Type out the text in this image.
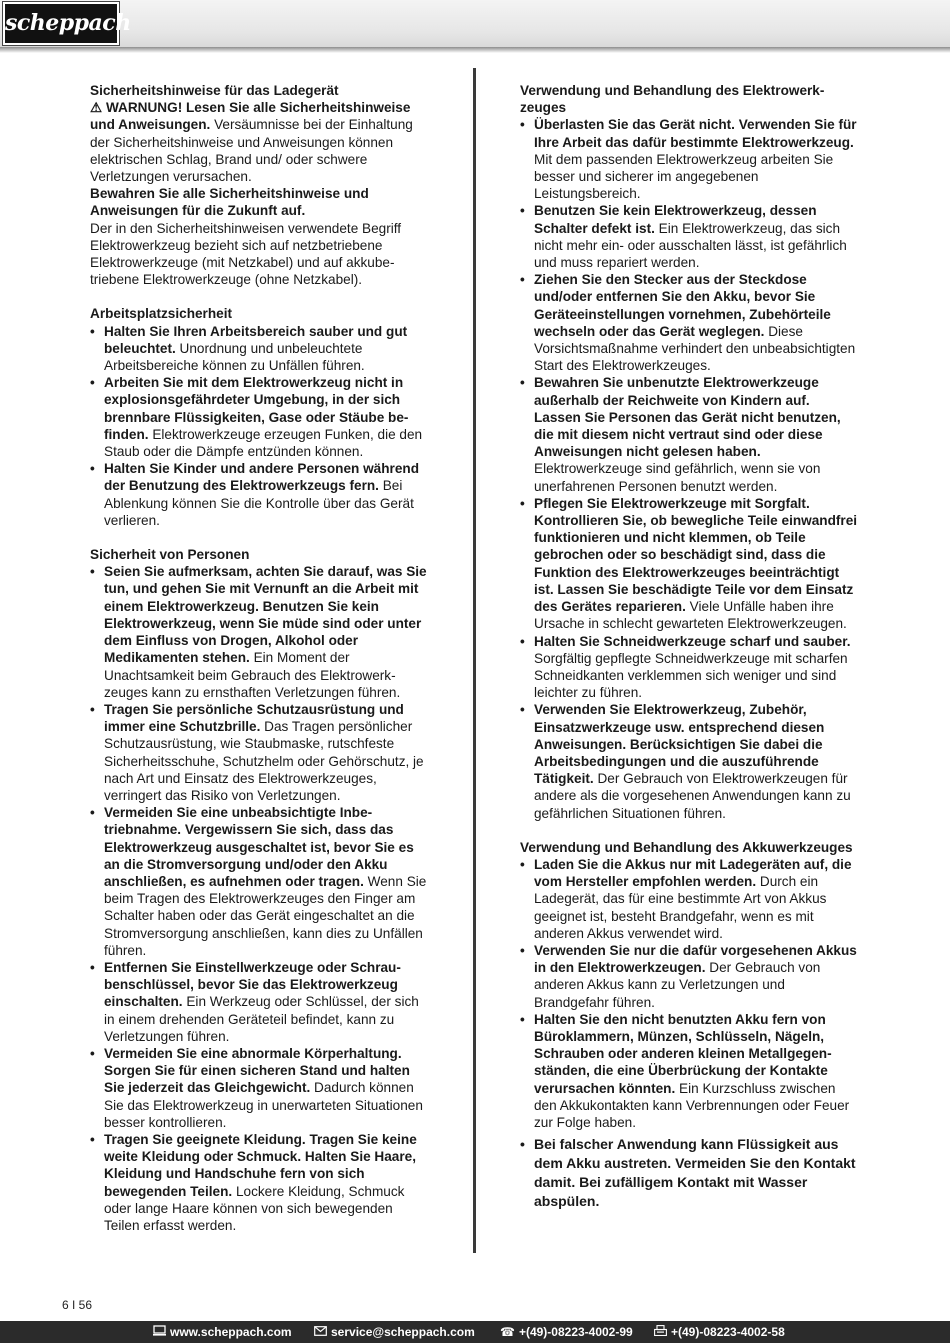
scheppach

Sicherheitshinweise für das Ladegerät

⚠ WARNUNG! Lesen Sie alle Sicherheitshinweise und Anweisungen. Versäumnisse bei der Einhaltung der Sicherheitshinweise und Anweisungen können elektrischen Schlag, Brand und/ oder schwere Verletzungen verursachen.

Bewahren Sie alle Sicherheitshinweise und Anweisungen für die Zukunft auf.

Der in den Sicherheitshinweisen verwendete Begriff Elektrowerkzeug bezieht sich auf netzbetriebene Elektrowerkzeuge (mit Netzkabel) und auf akkubetriebene Elektrowerkzeuge (ohne Netzkabel).

Arbeitsplatzsicherheit

• Halten Sie Ihren Arbeitsbereich sauber und gut beleuchtet. Unordnung und unbeleuchtete Arbeitsbereiche können zu Unfällen führen.
• Arbeiten Sie mit dem Elektrowerkzeug nicht in explosionsgefährdeter Umgebung, in der sich brennbare Flüssigkeiten, Gase oder Stäube befinden. Elektrowerkzeuge erzeugen Funken, die den Staub oder die Dämpfe entzünden können.
• Halten Sie Kinder und andere Personen während der Benutzung des Elektrowerkzeugs fern. Bei Ablenkung können Sie die Kontrolle über das Gerät verlieren.

Sicherheit von Personen

• Seien Sie aufmerksam, achten Sie darauf, was Sie tun, und gehen Sie mit Vernunft an die Arbeit mit einem Elektrowerkzeug. Benutzen Sie kein Elektrowerkzeug, wenn Sie müde sind oder unter dem Einfluss von Drogen, Alkohol oder Medikamenten stehen. Ein Moment der Unachtsamkeit beim Gebrauch des Elektrowerkzeuges kann zu ernsthaften Verletzungen führen.
• Tragen Sie persönliche Schutzausrüstung und immer eine Schutzbrille. Das Tragen persönlicher Schutzausrüstung, wie Staubmaske, rutschfeste Sicherheitsschuhe, Schutzhelm oder Gehörschutz, je nach Art und Einsatz des Elektrowerkzeuges, verringert das Risiko von Verletzungen.
• Vermeiden Sie eine unbeabsichtigte Inbetriebnahme. Vergewissern Sie sich, dass das Elektrowerkzeug ausgeschaltet ist, bevor Sie es an die Stromversorgung und/oder den Akku anschließen, es aufnehmen oder tragen. Wenn Sie beim Tragen des Elektrowerkzeuges den Finger am Schalter haben oder das Gerät eingeschaltet an die Stromversorgung anschließen, kann dies zu Unfällen führen.
• Entfernen Sie Einstellwerkzeuge oder Schraubenschlüssel, bevor Sie das Elektrowerkzeug einschalten. Ein Werkzeug oder Schlüssel, der sich in einem drehenden Geräteteil befindet, kann zu Verletzungen führen.
• Vermeiden Sie eine abnormale Körperhaltung. Sorgen Sie für einen sicheren Stand und halten Sie jederzeit das Gleichgewicht. Dadurch können Sie das Elektrowerkzeug in unerwarteten Situationen besser kontrollieren.
• Tragen Sie geeignete Kleidung. Tragen Sie keine weite Kleidung oder Schmuck. Halten Sie Haare, Kleidung und Handschuhe fern von sich bewegenden Teilen. Lockere Kleidung, Schmuck oder lange Haare können von sich bewegenden Teilen erfasst werden.

Verwendung und Behandlung des Elektrowerkzeuges

• Überlasten Sie das Gerät nicht. Verwenden Sie für Ihre Arbeit das dafür bestimmte Elektrowerkzeug. Mit dem passenden Elektrowerkzeug arbeiten Sie besser und sicherer im angegebenen Leistungsbereich.
• Benutzen Sie kein Elektrowerkzeug, dessen Schalter defekt ist. Ein Elektrowerkzeug, das sich nicht mehr ein- oder ausschalten lässt, ist gefährlich und muss repariert werden.
• Ziehen Sie den Stecker aus der Steckdose und/oder entfernen Sie den Akku, bevor Sie Geräteeinstellungen vornehmen, Zubehörteile wechseln oder das Gerät weglegen. Diese Vorsichtsmaßnahme verhindert den unbeabsichtigten Start des Elektrowerkzeuges.
• Bewahren Sie unbenutzte Elektrowerkzeuge außerhalb der Reichweite von Kindern auf. Lassen Sie Personen das Gerät nicht benutzen, die mit diesem nicht vertraut sind oder diese Anweisungen nicht gelesen haben. Elektrowerkzeuge sind gefährlich, wenn sie von unerfahrenen Personen benutzt werden.
• Pflegen Sie Elektrowerkzeuge mit Sorgfalt. Kontrollieren Sie, ob bewegliche Teile einwandfrei funktionieren und nicht klemmen, ob Teile gebrochen oder so beschädigt sind, dass die Funktion des Elektrowerkzeuges beeinträchtigt ist. Lassen Sie beschädigte Teile vor dem Einsatz des Gerätes reparieren. Viele Unfälle haben ihre Ursache in schlecht gewarteten Elektrowerkzeugen.
• Halten Sie Schneidwerkzeuge scharf und sauber. Sorgfältig gepflegte Schneidwerkzeuge mit scharfen Schneidkanten verklemmen sich weniger und sind leichter zu führen.
• Verwenden Sie Elektrowerkzeug, Zubehör, Einsatzwerkzeuge usw. entsprechend diesen Anweisungen. Berücksichtigen Sie dabei die Arbeitsbedingungen und die auszuführende Tätigkeit. Der Gebrauch von Elektrowerkzeugen für andere als die vorgesehenen Anwendungen kann zu gefährlichen Situationen führen.

Verwendung und Behandlung des Akkuwerkzeuges

• Laden Sie die Akkus nur mit Ladegeräten auf, die vom Hersteller empfohlen werden. Durch ein Ladegerät, das für eine bestimmte Art von Akkus geeignet ist, besteht Brandgefahr, wenn es mit anderen Akkus verwendet wird.
• Verwenden Sie nur die dafür vorgesehenen Akkus in den Elektrowerkzeugen. Der Gebrauch von anderen Akkus kann zu Verletzungen und Brandgefahr führen.
• Halten Sie den nicht benutzten Akku fern von Büroklammern, Münzen, Schlüsseln, Nägeln, Schrauben oder anderen kleinen Metallgegenständen, die eine Überbrückung der Kontakte verursachen könnten. Ein Kurzschluss zwischen den Akkukontakten kann Verbrennungen oder Feuer zur Folge haben.
• Bei falscher Anwendung kann Flüssigkeit aus dem Akku austreten. Vermeiden Sie den Kontakt damit. Bei zufälligem Kontakt mit Wasser abspülen.
6 I 56
www.scheppach.com	service@scheppach.com ☎ +(49)-08223-4002-99	+(49)-08223-4002-58
